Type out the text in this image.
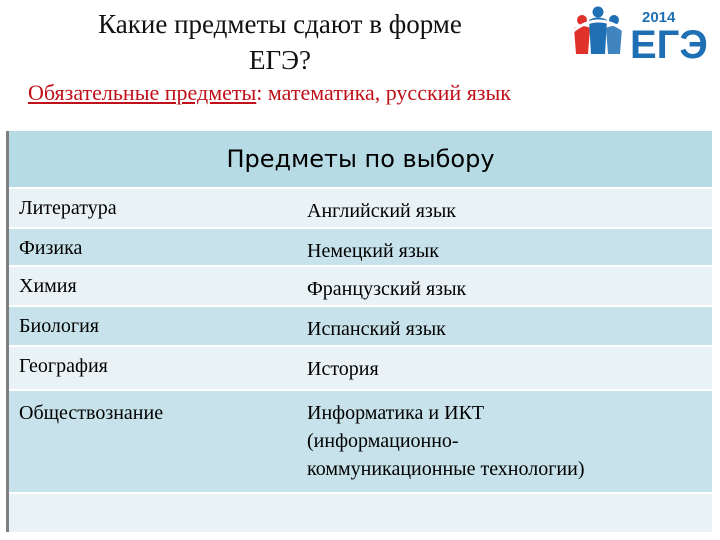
Какие предметы сдают в форме
ЕГЭ?
2014
ЕГЭ
Обязательные предметы: математика, русский язык
Предметы по выбору
Литература	Английский язык
Физика	Немецкий язык
Химия	Французский язык
Биология	Испанский язык
География	История
Обществознание	Информатика и ИКТ
(информационно-
коммуникационные технологии)
